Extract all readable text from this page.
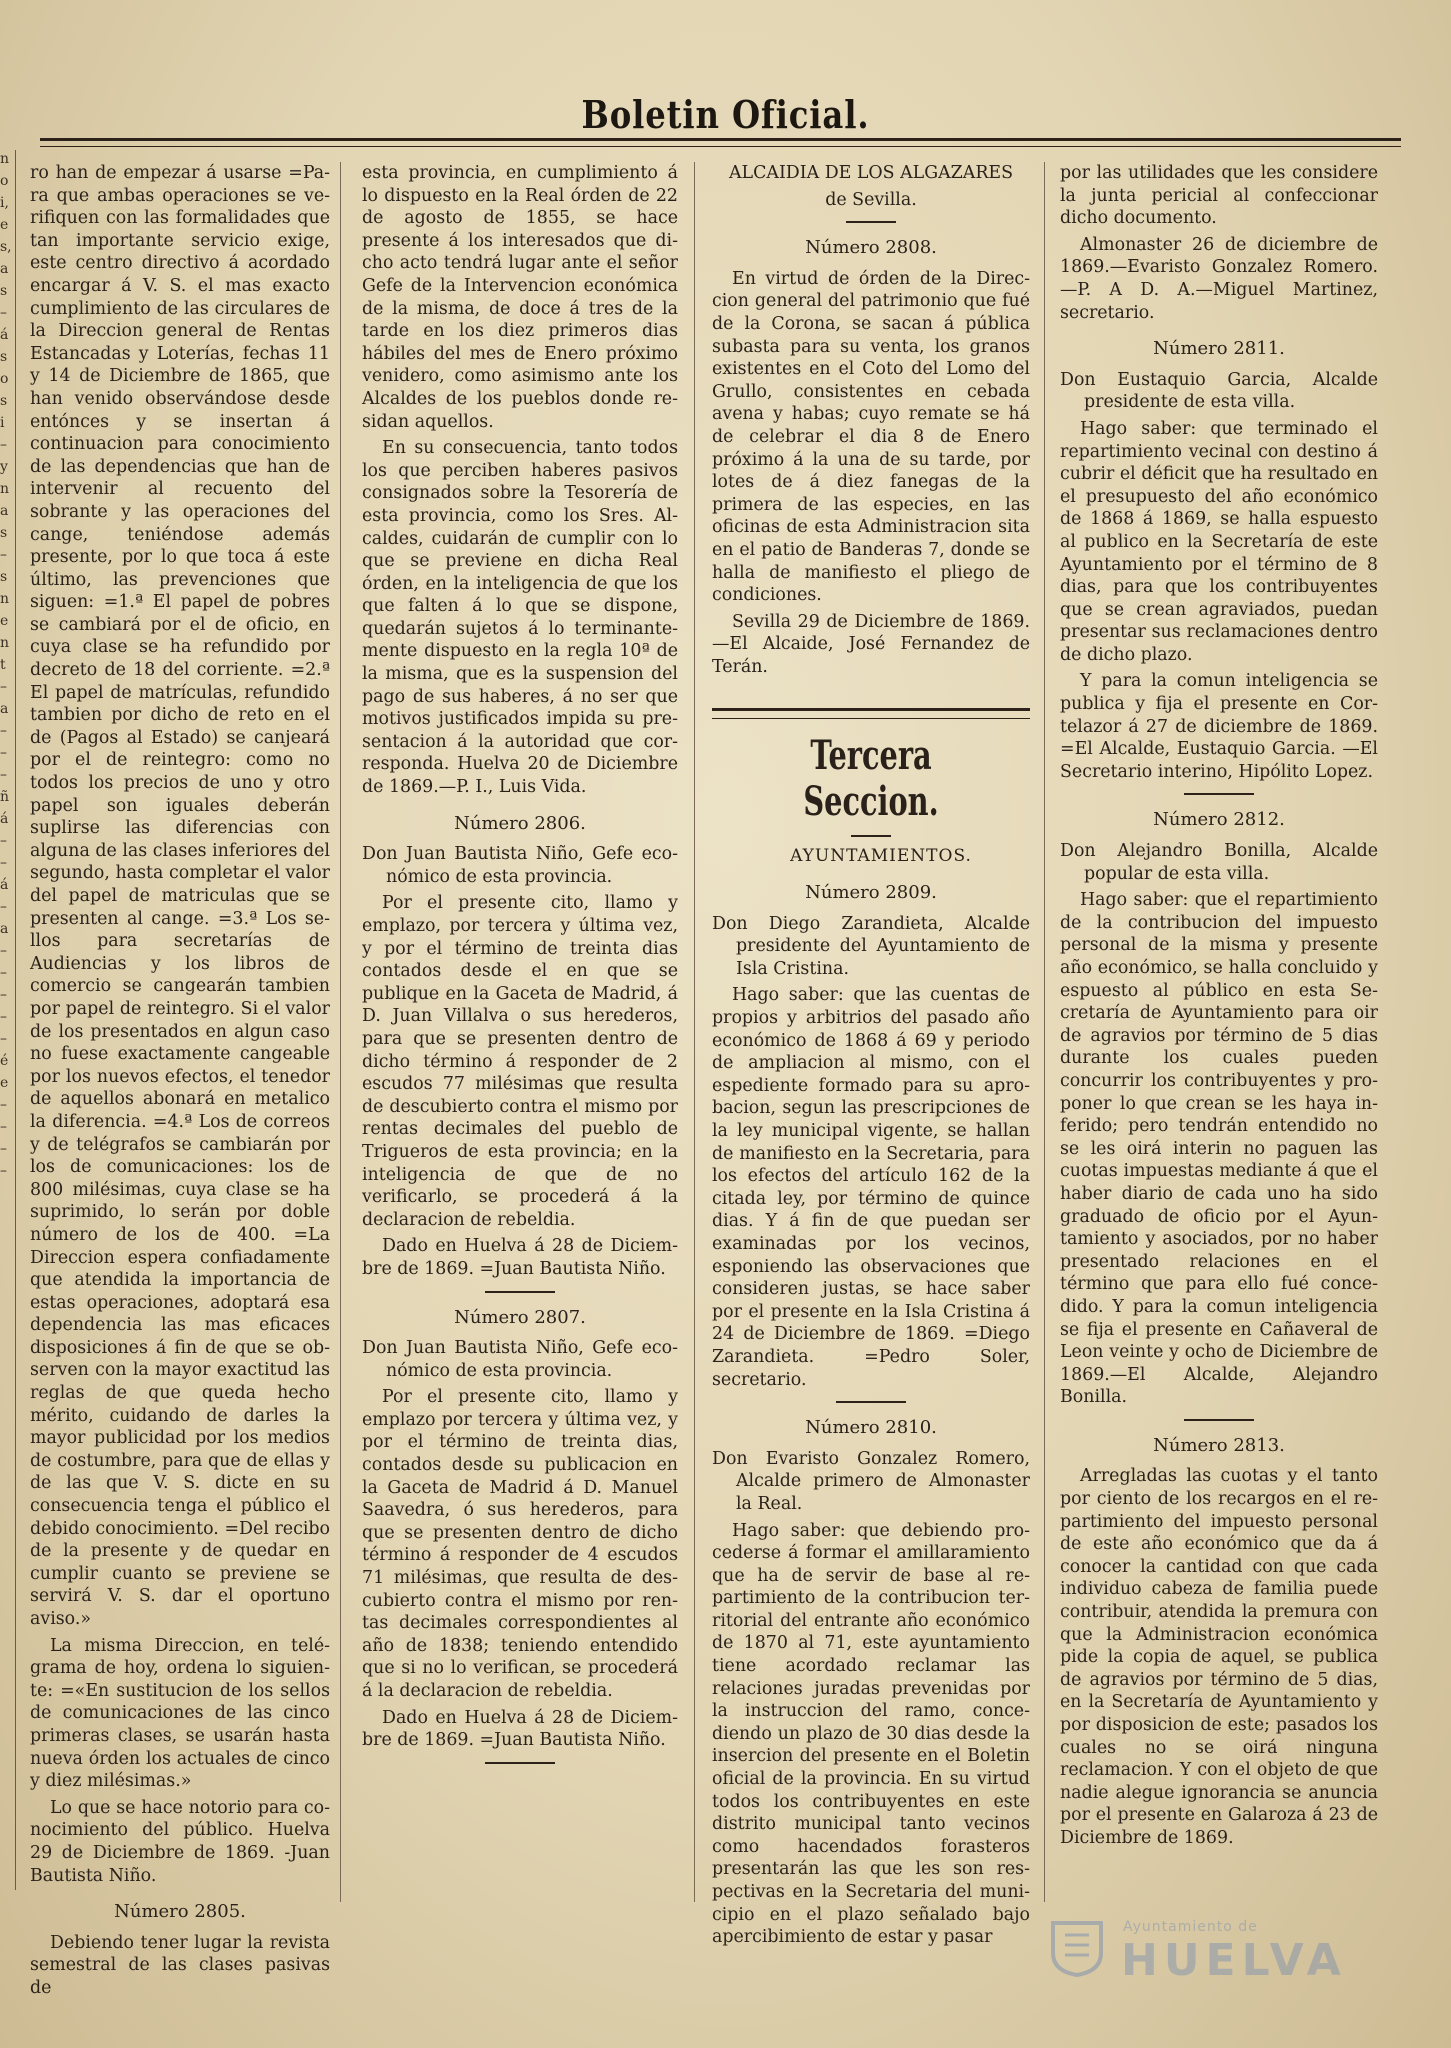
n
o
i,
e
s,
a
s
–
á
s
o
s
i
–
y
n
a
s
–
s
n
e
n
t
–
a
–
–
–
ñ
á
–
–
á
–
a
–
–
–
–
–
é
e
–
–
–
–
Boletin Oficial.

ro han de empezar á usarse =Para que ambas operaciones se verifiquen con las formalidades que tan importante servicio exige, este centro directivo á acordado encargar á V. S. el mas exacto cumplimiento de las circulares de la Direccion general de Rentas Estancadas y Loterías, fechas 11 y 14 de Diciembre de 1865, que han venido observándose desde entónces y se insertan á continuacion para conocimiento de las dependencias que han de intervenir al recuento del sobrante y las operaciones del cange, teniéndose además presente, por lo que toca á este último, las prevenciones que siguen: =1.ª El papel de pobres se cambiará por el de oficio, en cuya clase se ha refundido por decreto de 18 del corriente. =2.ª El papel de matrículas, refundido tambien por dicho de reto en el de (Pagos al Estado) se canjeará por el de reintegro: como no todos los precios de uno y otro papel son iguales deberán suplirse las diferencias con alguna de las clases inferiores del segundo, hasta completar el valor del papel de matriculas que se presenten al cange. =3.ª Los sellos para secretarías de Audiencias y los libros de comercio se cangearán tambien por papel de reintegro. Si el valor de los presentados en algun caso no fuese exactamente cangeable por los nuevos efectos, el tenedor de aquellos abonará en metalico la diferencia. =4.ª Los de correos y de telégrafos se cambiarán por los de comunicaciones: los de 800 milésimas, cuya clase se ha suprimido, lo serán por doble número de los de 400. =La Direccion espera confiadamente que atendida la importancia de estas operaciones, adoptará esa dependencia las mas eficaces disposiciones á fin de que se observen con la mayor exactitud las reglas de que queda hecho mérito, cuidando de darles la mayor publicidad por los medios de costumbre, para que de ellas y de las que V. S. dicte en su consecuencia tenga el público el debido conocimiento. =Del recibo de la presente y de quedar en cumplir cuanto se previene se servirá V. S. dar el oportuno aviso.»

La misma Direccion, en telégrama de hoy, ordena lo siguiente: =«En sustitucion de los sellos de comunicaciones de las cinco primeras clases, se usarán hasta nueva órden los actuales de cinco y diez milésimas.»

Lo que se hace notorio para conocimiento del público. Huelva 29 de Diciembre de 1869. -Juan Bautista Niño.

Número 2805.

Debiendo tener lugar la revista semestral de las clases pasivas de

esta provincia, en cumplimiento á lo dispuesto en la Real órden de 22 de agosto de 1855, se hace presente á los interesados que dicho acto tendrá lugar ante el señor Gefe de la Intervencion económica de la misma, de doce á tres de la tarde en los diez primeros dias hábiles del mes de Enero próximo venidero, como asimismo ante los Alcaldes de los pueblos donde residan aquellos.

En su consecuencia, tanto todos los que perciben haberes pasivos consignados sobre la Tesorería de esta provincia, como los Sres. Alcaldes, cuidarán de cumplir con lo que se previene en dicha Real órden, en la inteligencia de que los que falten á lo que se dispone, quedarán sujetos á lo terminantemente dispuesto en la regla 10ª de la misma, que es la suspension del pago de sus haberes, á no ser que motivos justificados impida su presentacion á la autoridad que corresponda. Huelva 20 de Diciembre de 1869.—P. I., Luis Vida.

Número 2806.

Don Juan Bautista Niño, Gefe económico de esta provincia.

Por el presente cito, llamo y emplazo, por tercera y última vez, y por el término de treinta dias contados desde el en que se publique en la Gaceta de Madrid, á D. Juan Villalva o sus herederos, para que se presenten dentro de dicho término á responder de 2 escudos 77 milésimas que resulta de descubierto contra el mismo por rentas decimales del pueblo de Trigueros de esta provincia; en la inteligencia de que de no verificarlo, se procederá á la declaracion de rebeldia.

Dado en Huelva á 28 de Diciembre de 1869. =Juan Bautista Niño.

Número 2807.

Don Juan Bautista Niño, Gefe económico de esta provincia.

Por el presente cito, llamo y emplazo por tercera y última vez, y por el término de treinta dias, contados desde su publicacion en la Gaceta de Madrid á D. Manuel Saavedra, ó sus herederos, para que se presenten dentro de dicho término á responder de 4 escudos 71 milésimas, que resulta de descubierto contra el mismo por rentas decimales correspondientes al año de 1838; teniendo entendido que si no lo verifican, se procederá á la declaracion de rebeldia.

Dado en Huelva á 28 de Diciembre de 1869. =Juan Bautista Niño.

ALCAIDIA DE LOS ALGAZARES

de Sevilla.

Número 2808.

En virtud de órden de la Direccion general del patrimonio que fué de la Corona, se sacan á pública subasta para su venta, los granos existentes en el Coto del Lomo del Grullo, consistentes en cebada avena y habas; cuyo remate se há de celebrar el dia 8 de Enero próximo á la una de su tarde, por lotes de á diez fanegas de la primera de las especies, en las oficinas de esta Administracion sita en el patio de Banderas 7, donde se halla de manifiesto el pliego de condiciones.

Sevilla 29 de Diciembre de 1869. —El Alcaide, José Fernandez de Terán.

Tercera Seccion.

AYUNTAMIENTOS.

Número 2809.

Don Diego Zarandieta, Alcalde presidente del Ayuntamiento de Isla Cristina.

Hago saber: que las cuentas de propios y arbitrios del pasado año económico de 1868 á 69 y periodo de ampliacion al mismo, con el espediente formado para su aprobacion, segun las prescripciones de la ley municipal vigente, se hallan de manifiesto en la Secretaria, para los efectos del artículo 162 de la citada ley, por término de quince dias. Y á fin de que puedan ser examinadas por los vecinos, esponiendo las observaciones que consideren justas, se hace saber por el presente en la Isla Cristina á 24 de Diciembre de 1869. =Diego Zarandieta. =Pedro Soler, secretario.

Número 2810.

Don Evaristo Gonzalez Romero, Alcalde primero de Almonaster la Real.

Hago saber: que debiendo procederse á formar el amillaramiento que ha de servir de base al repartimiento de la contribucion territorial del entrante año económico de 1870 al 71, este ayuntamiento tiene acordado reclamar las relaciones juradas prevenidas por la instruccion del ramo, concediendo un plazo de 30 dias desde la insercion del presente en el Boletin oficial de la provincia. En su virtud todos los contribuyentes en este distrito municipal tanto vecinos como hacendados forasteros presentarán las que les son respectivas en la Secretaria del municipio en el plazo señalado bajo apercibimiento de estar y pasar

por las utilidades que les considere la junta pericial al confeccionar dicho documento.

Almonaster 26 de diciembre de 1869.—Evaristo Gonzalez Romero.—P. A D. A.—Miguel Martinez, secretario.

Número 2811.

Don Eustaquio Garcia, Alcalde presidente de esta villa.

Hago saber: que terminado el repartimiento vecinal con destino á cubrir el déficit que ha resultado en el presupuesto del año económico de 1868 á 1869, se halla espuesto al publico en la Secretaría de este Ayuntamiento por el término de 8 dias, para que los contribuyentes que se crean agraviados, puedan presentar sus reclamaciones dentro de dicho plazo.

Y para la comun inteligencia se publica y fija el presente en Cortelazor á 27 de diciembre de 1869. =El Alcalde, Eustaquio Garcia. —El Secretario interino, Hipólito Lopez.

Número 2812.

Don Alejandro Bonilla, Alcalde popular de esta villa.

Hago saber: que el repartimiento de la contribucion del impuesto personal de la misma y presente año económico, se halla concluido y espuesto al público en esta Secretaría de Ayuntamiento para oir de agravios por término de 5 dias durante los cuales pueden concurrir los contribuyentes y proponer lo que crean se les haya inferido; pero tendrán entendido no se les oirá interin no paguen las cuotas impuestas mediante á que el haber diario de cada uno ha sido graduado de oficio por el Ayuntamiento y asociados, por no haber presentado relaciones en el término que para ello fué concedido. Y para la comun inteligencia se fija el presente en Cañaveral de Leon veinte y ocho de Diciembre de 1869.—El Alcalde, Alejandro Bonilla.

Número 2813.

Arregladas las cuotas y el tanto por ciento de los recargos en el repartimiento del impuesto personal de este año económico que da á conocer la cantidad con que cada individuo cabeza de familia puede contribuir, atendida la premura con que la Administracion económica pide la copia de aquel, se publica de agravios por término de 5 dias, en la Secretaría de Ayuntamiento y por disposicion de este; pasados los cuales no se oirá ninguna reclamacion. Y con el objeto de que nadie alegue ignorancia se anuncia por el presente en Galaroza á 23 de Diciembre de 1869.

Ayuntamiento de
HUELVA
